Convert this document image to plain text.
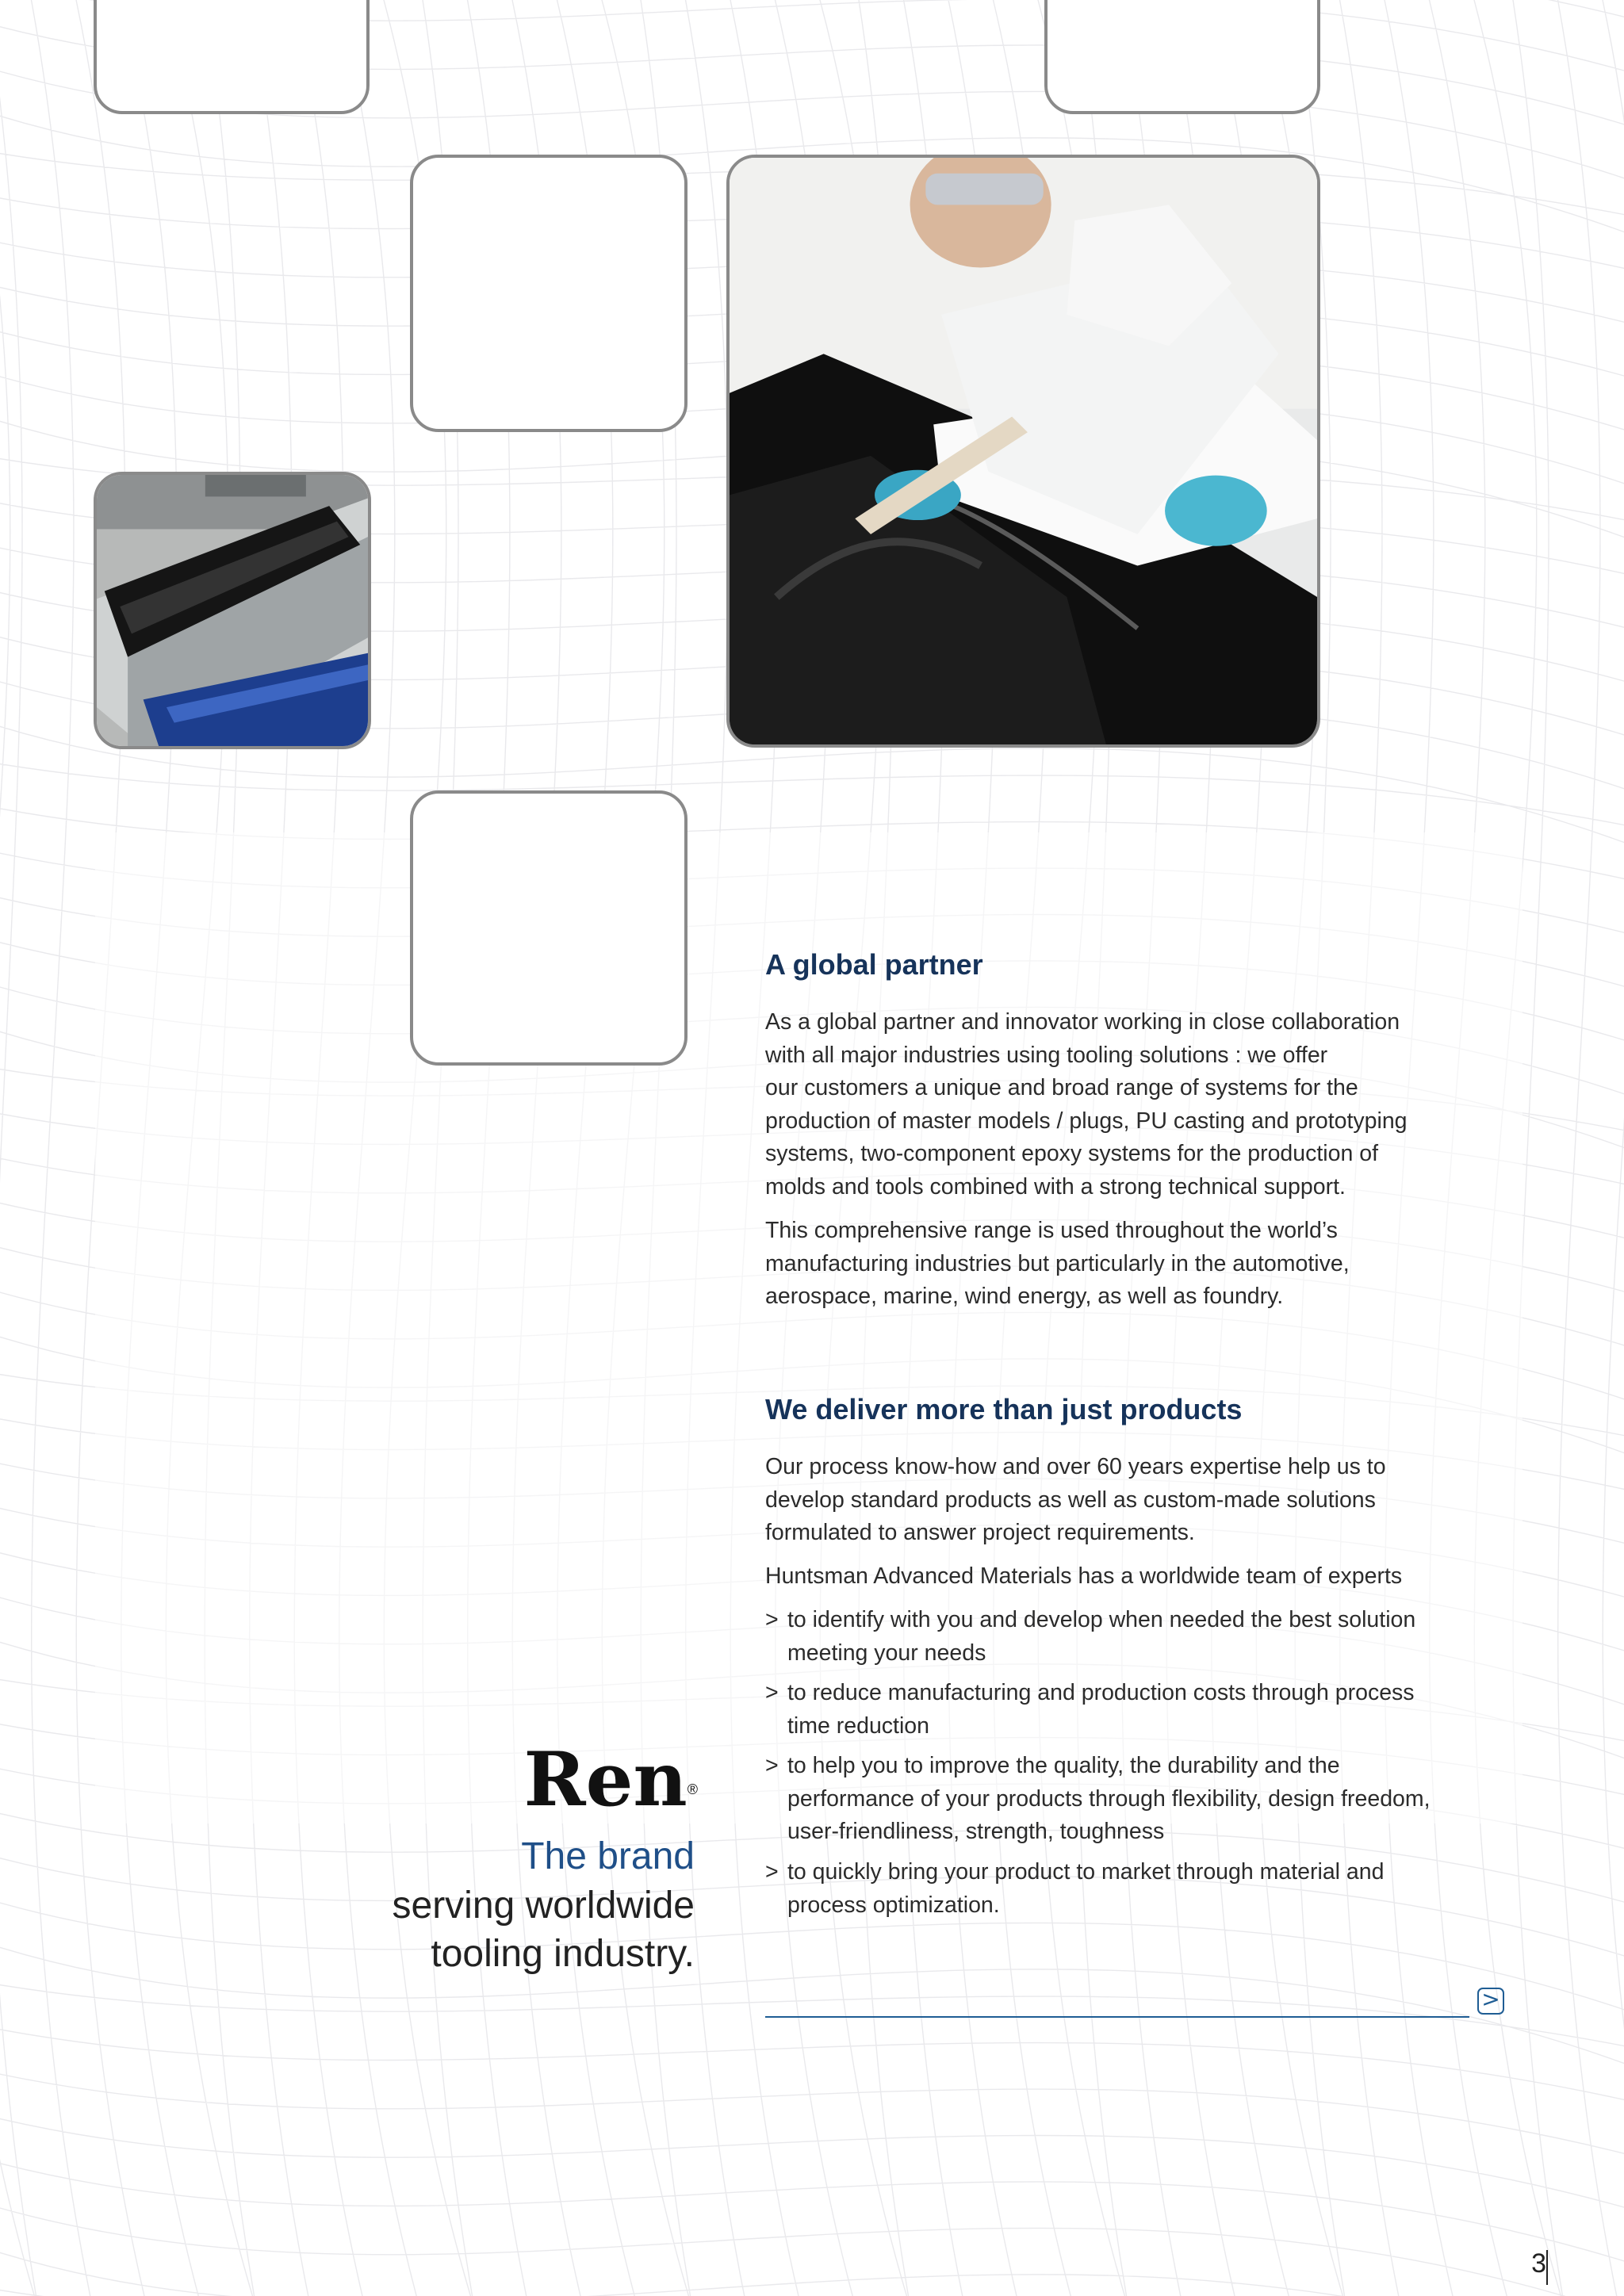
A global partner

As a global partner and innovator working in close collaboration
with all major industries using tooling solutions : we offer
our customers a unique and broad range of systems for the
production of master models / plugs, PU casting and prototyping
systems, two-component epoxy systems for the production of
molds and tools combined with a strong technical support.

This comprehensive range is used throughout the world’s
manufacturing industries but particularly in the automotive,
aerospace, marine, wind energy, as well as foundry.

We deliver more than just products

Our process know-how and over 60 years expertise help us to
develop standard products as well as custom-made solutions
formulated to answer project requirements.

Huntsman Advanced Materials has a worldwide team of experts

> to identify with you and develop when needed the best solution
meeting your needs

> to reduce manufacturing and production costs through process
time reduction

> to help you to improve the quality, the durability and the
performance of your products through flexibility, design freedom,
user-friendliness, strength, toughness

> to quickly bring your product to market through material and
process optimization.

Ren®

The brand

serving worldwide

tooling industry.

>
3
